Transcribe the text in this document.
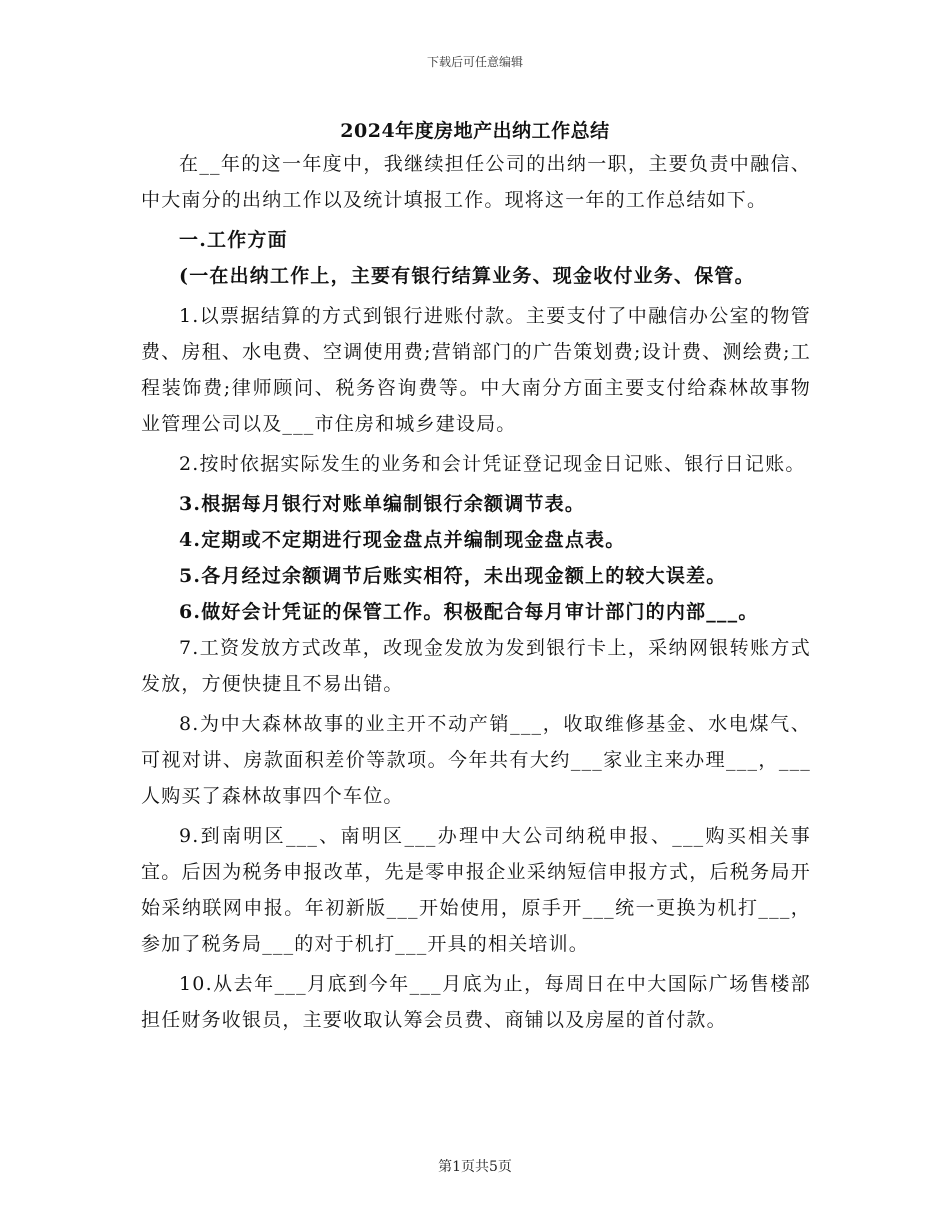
下载后可任意编辑
2024年度房地产出纳工作总结

在__年的这一年度中，我继续担任公司的出纳一职，主要负责中融信、中大南分的出纳工作以及统计填报工作。现将这一年的工作总结如下。

一.工作方面

(一在出纳工作上，主要有银行结算业务、现金收付业务、保管。

1.以票据结算的方式到银行进账付款。主要支付了中融信办公室的物管费、房租、水电费、空调使用费;营销部门的广告策划费;设计费、测绘费;工程装饰费;律师顾问、税务咨询费等。中大南分方面主要支付给森林故事物业管理公司以及___市住房和城乡建设局。

2.按时依据实际发生的业务和会计凭证登记现金日记账、银行日记账。

3.根据每月银行对账单编制银行余额调节表。

4.定期或不定期进行现金盘点并编制现金盘点表。

5.各月经过余额调节后账实相符，未出现金额上的较大误差。

6.做好会计凭证的保管工作。积极配合每月审计部门的内部___。

7.工资发放方式改革，改现金发放为发到银行卡上，采纳网银转账方式发放，方便快捷且不易出错。

8.为中大森林故事的业主开不动产销___，收取维修基金、水电煤气、可视对讲、房款面积差价等款项。今年共有大约___家业主来办理___，___人购买了森林故事四个车位。

9.到南明区___、南明区___办理中大公司纳税申报、___购买相关事宜。后因为税务申报改革，先是零申报企业采纳短信申报方式，后税务局开始采纳联网申报。年初新版___开始使用，原手开___统一更换为机打___，参加了税务局___的对于机打___开具的相关培训。

10.从去年___月底到今年___月底为止，每周日在中大国际广场售楼部担任财务收银员，主要收取认筹会员费、商铺以及房屋的首付款。

第1页共5页
